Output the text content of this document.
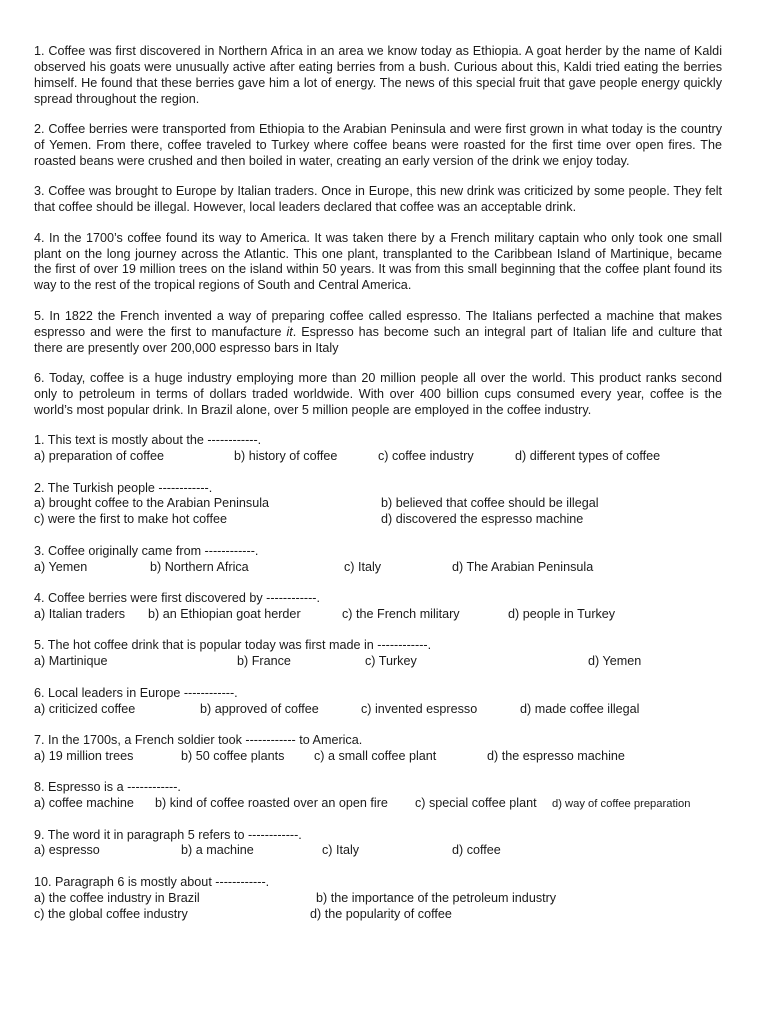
1. Coffee was first discovered in Northern Africa in an area we know today as Ethiopia. A goat herder by the name of Kaldi observed his goats were unusually active after eating berries from a bush. Curious about this, Kaldi tried eating the berries himself. He found that these berries gave him a lot of energy. The news of this special fruit that gave people energy quickly spread throughout the region.

2. Coffee berries were transported from Ethiopia to the Arabian Peninsula and were first grown in what today is the country of Yemen. From there, coffee traveled to Turkey where coffee beans were roasted for the first time over open fires. The roasted beans were crushed and then boiled in water, creating an early version of the drink we enjoy today.

3. Coffee was brought to Europe by Italian traders. Once in Europe, this new drink was criticized by some people. They felt that coffee should be illegal. However, local leaders declared that coffee was an acceptable drink.

4. In the 1700’s coffee found its way to America. It was taken there by a French military captain who only took one small plant on the long journey across the Atlantic. This one plant, transplanted to the Caribbean Island of Martinique, became the first of over 19 million trees on the island within 50 years. It was from this small beginning that the coffee plant found its way to the rest of the tropical regions of South and Central America.

5. In 1822 the French invented a way of preparing coffee called espresso. The Italians perfected a machine that makes espresso and were the first to manufacture it. Espresso has become such an integral part of Italian life and culture that there are presently over 200,000 espresso bars in Italy

6. Today, coffee is a huge industry employing more than 20 million people all over the world. This product ranks second only to petroleum in terms of dollars traded worldwide. With over 400 billion cups consumed every year, coffee is the world’s most popular drink. In Brazil alone, over 5 million people are employed in the coffee industry.

1. This text is mostly about the ------------.
a) preparation of coffee	b) history of coffee	c) coffee industry	d) different types of coffee
2. The Turkish people ------------.
a) brought coffee to the Arabian Peninsula	b) believed that coffee should be illegal
c) were the first to make hot coffee	d) discovered the espresso machine
3. Coffee originally came from ------------.
a) Yemen	b) Northern Africa	c) Italy	d) The Arabian Peninsula
4. Coffee berries were first discovered by ------------.
a) Italian traders b) an Ethiopian goat herder	c) the French military	d) people in Turkey
5. The hot coffee drink that is popular today was first made in ------------.
a) Martinique	b) France	c) Turkey	d) Yemen
6. Local leaders in Europe ------------.
a) criticized coffee	b) approved of coffee	c) invented espresso	d) made coffee illegal
7. In the 1700s, a French soldier took ------------ to America.
a) 19 million trees	b) 50 coffee plants c) a small coffee plant	d) the espresso machine
8. Espresso is a ------------.
a) coffee machine b) kind of coffee roasted over an open fire c) special coffee plant d) way of coffee preparation
9. The word it in paragraph 5 refers to ------------.
a) espresso	b) a machine	c) Italy	d) coffee
10. Paragraph 6 is mostly about ------------.
a) the coffee industry in Brazil	b) the importance of the petroleum industry
c) the global coffee industry	d) the popularity of coffee
